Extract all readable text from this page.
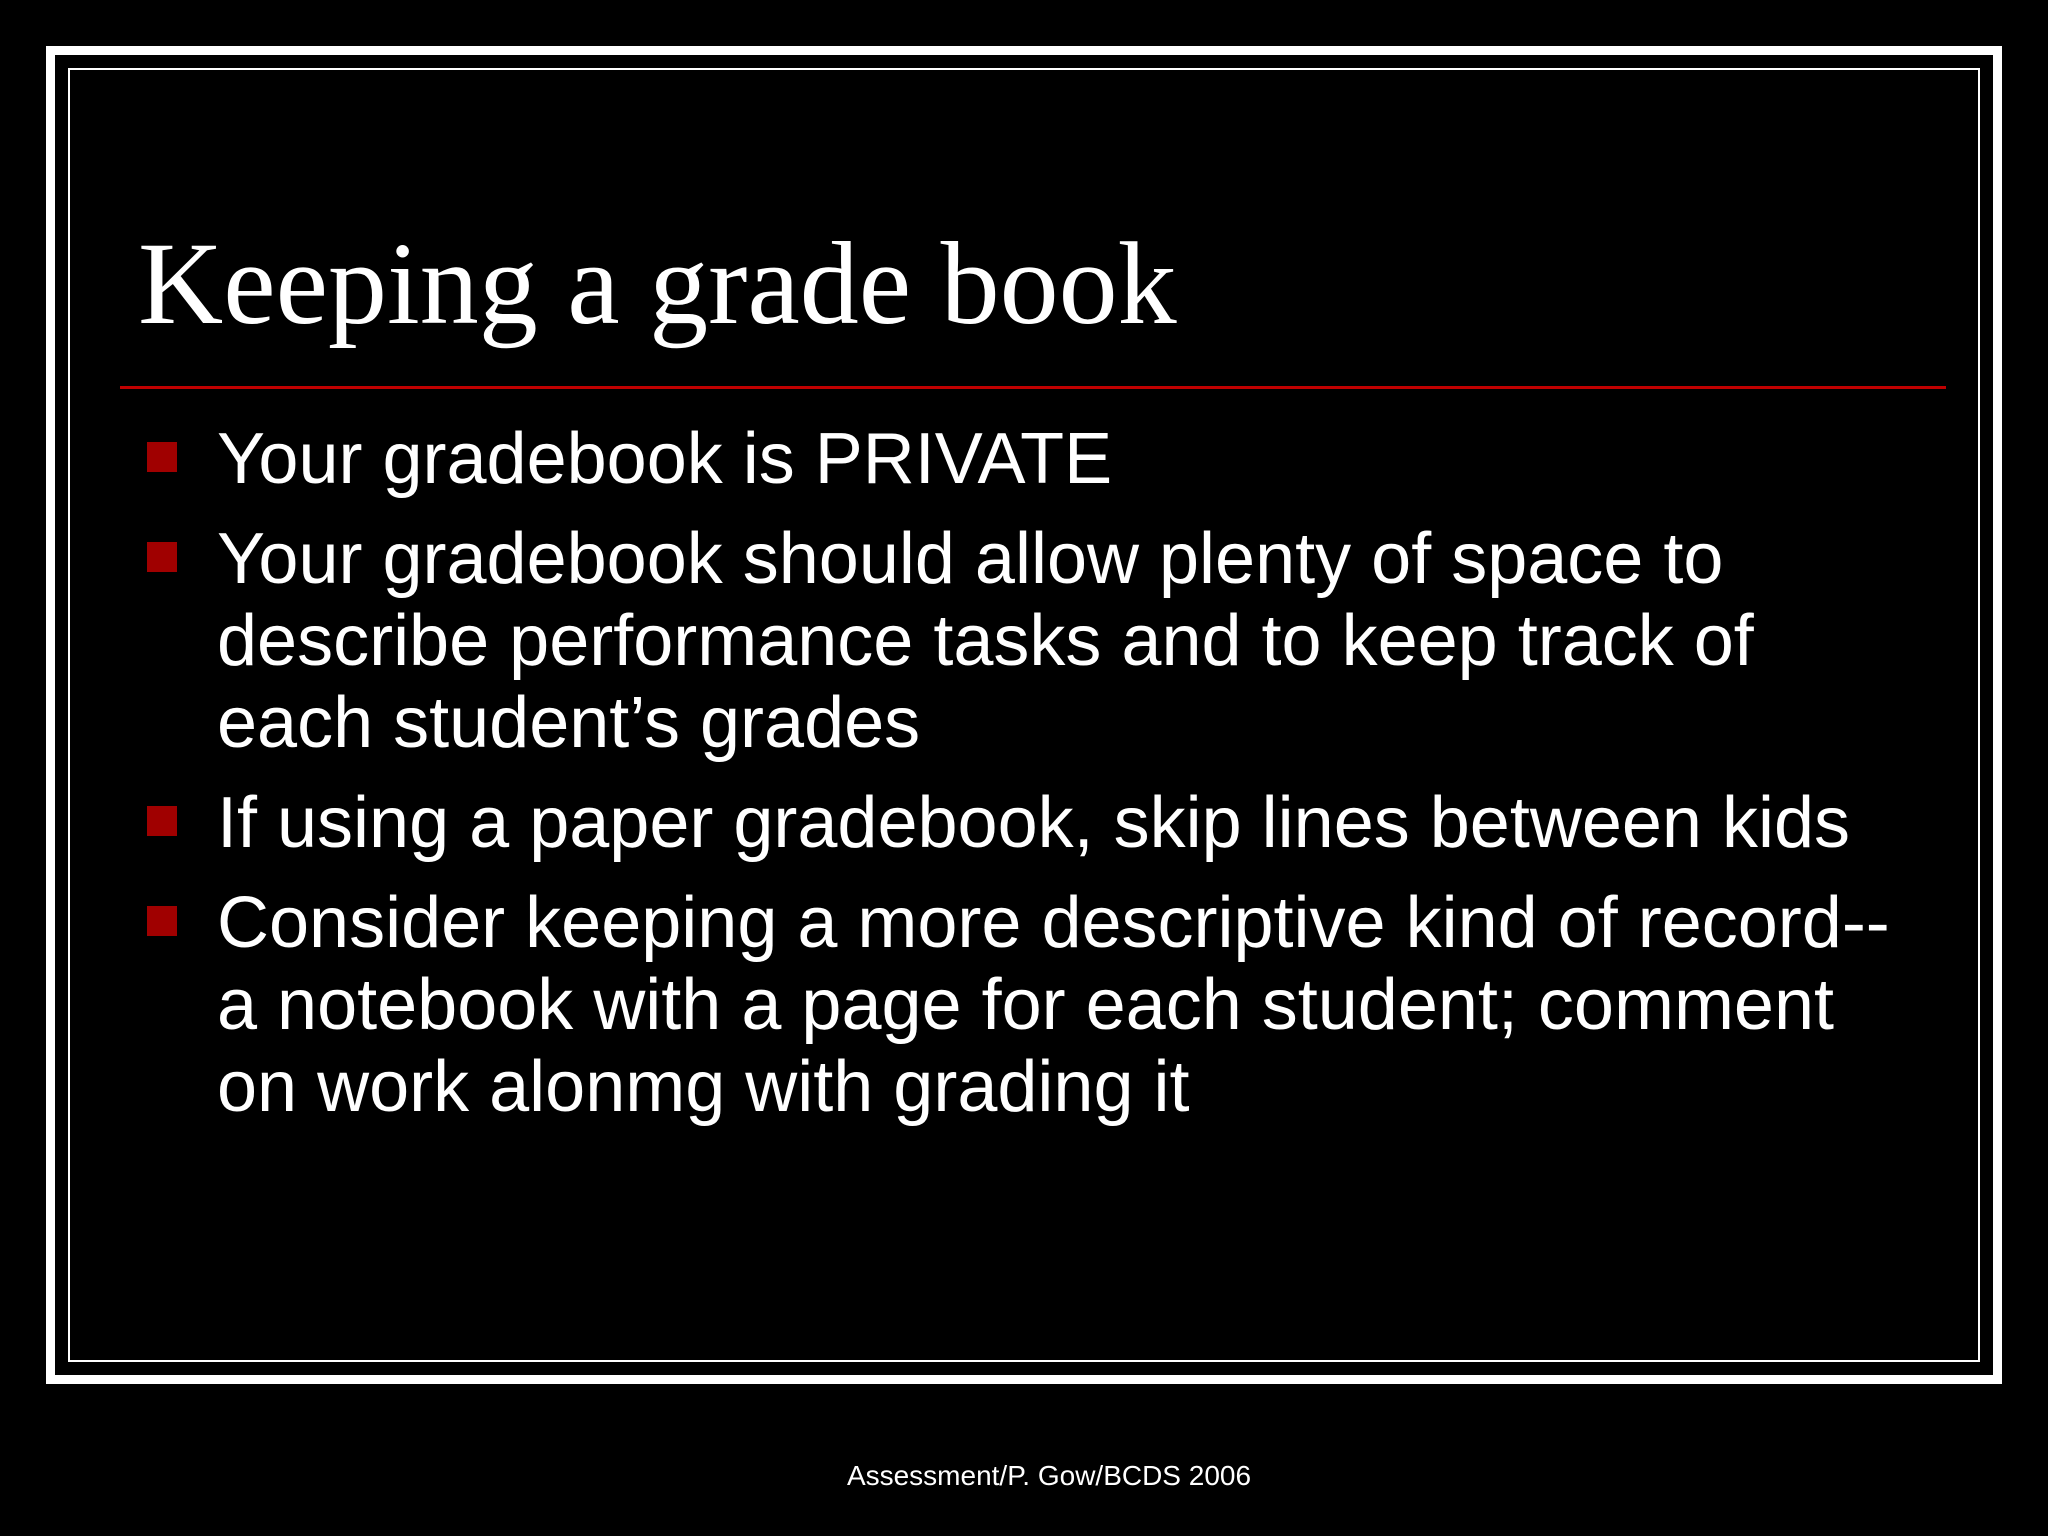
Keeping a grade book
Your gradebook is PRIVATE
Your gradebook should allow plenty of space to describe performance tasks and to keep track of each student’s grades
If using a paper gradebook, skip lines between kids
Consider keeping a more descriptive kind of record--a notebook with a page for each student; comment on work alonmg with grading it
Assessment/P. Gow/BCDS 2006
